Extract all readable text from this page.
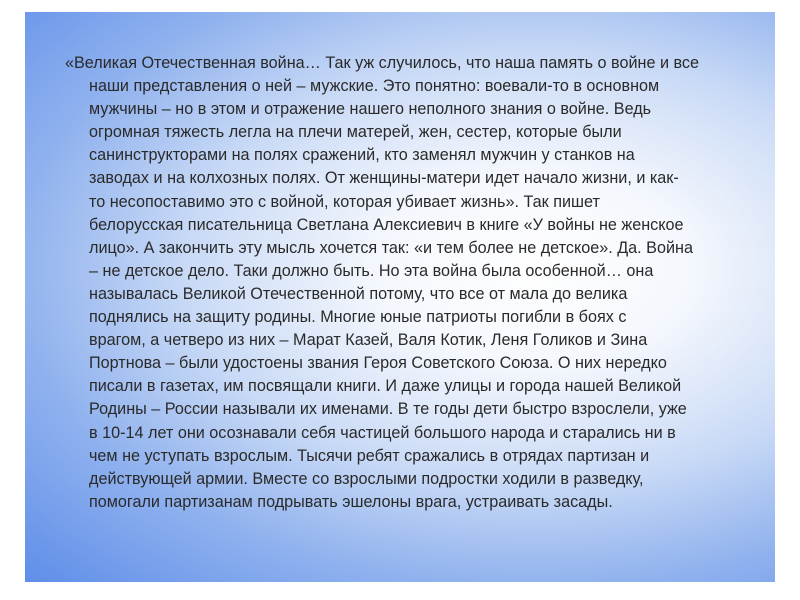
«Великая Отечественная война… Так уж случилось, что наша память о войне и все
наши представления о ней – мужские. Это понятно: воевали-то в основном
мужчины – но в этом и отражение нашего неполного знания о войне. Ведь
огромная тяжесть легла на плечи матерей, жен, сестер, которые были
санинструкторами на полях сражений, кто заменял мужчин у станков на
заводах и на колхозных полях. От женщины-матери идет начало жизни, и как-
то несопоставимо это с войной, которая убивает жизнь». Так пишет
белорусская писательница Светлана Алексиевич в книге «У войны не женское
лицо». А закончить эту мысль хочется так: «и тем более не детское». Да. Война
– не детское дело. Таки должно быть. Но эта война была особенной… она
называлась Великой Отечественной потому, что все от мала до велика
поднялись на защиту родины. Многие юные патриоты погибли в боях с
врагом, а четверо из них – Марат Казей, Валя Котик, Леня Голиков и Зина
Портнова – были удостоены звания Героя Советского Союза. О них нередко
писали в газетах, им посвящали книги. И даже улицы и города нашей Великой
Родины – России называли их именами. В те годы дети быстро взрослели, уже
в 10-14 лет они осознавали себя частицей большого народа и старались ни в
чем не уступать взрослым. Тысячи ребят сражались в отрядах партизан и
действующей армии. Вместе со взрослыми подростки ходили в разведку,
помогали партизанам подрывать эшелоны врага, устраивать засады.
